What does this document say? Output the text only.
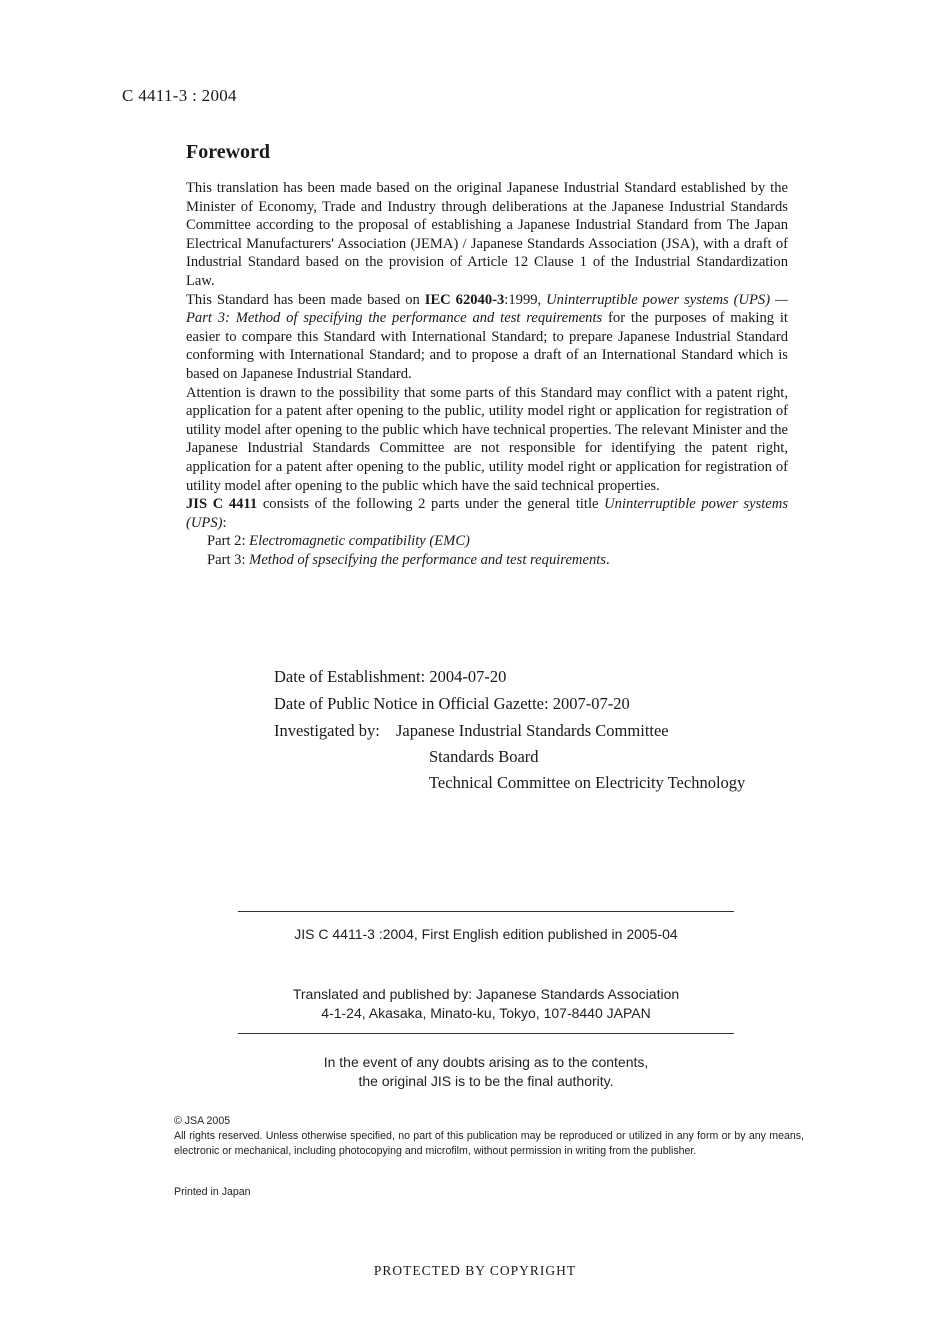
C 4411-3 : 2004
Foreword

This translation has been made based on the original Japanese Industrial Standard established by the Minister of Economy, Trade and Industry through deliberations at the Japanese Industrial Standards Committee according to the proposal of establishing a Japanese Industrial Standard from The Japan Electrical Manufacturers' Association (JEMA) / Japanese Standards Association (JSA), with a draft of Industrial Standard based on the provision of Article 12 Clause 1 of the Industrial Standardization Law.

This Standard has been made based on IEC 62040-3:1999, Uninterruptible power systems (UPS) — Part 3: Method of specifying the performance and test requirements for the purposes of making it easier to compare this Standard with International Standard; to prepare Japanese Industrial Standard conforming with International Standard; and to propose a draft of an International Standard which is based on Japanese Industrial Standard.

Attention is drawn to the possibility that some parts of this Standard may conflict with a patent right, application for a patent after opening to the public, utility model right or application for registration of utility model after opening to the public which have technical properties. The relevant Minister and the Japanese Industrial Standards Committee are not responsible for identifying the patent right, application for a patent after opening to the public, utility model right or application for registration of utility model after opening to the public which have the said technical properties.

JIS C 4411 consists of the following 2 parts under the general title Uninterruptible power systems (UPS):

Part 2: Electromagnetic compatibility (EMC)

Part 3: Method of spsecifying the performance and test requirements.

Date of Establishment: 2004-07-20
Date of Public Notice in Official Gazette: 2007-07-20
Investigated by: Japanese Industrial Standards Committee
Standards Board
Technical Committee on Electricity Technology
JIS C 4411-3 :2004, First English edition published in 2005-04
Translated and published by: Japanese Standards Association
4-1-24, Akasaka, Minato-ku, Tokyo, 107-8440 JAPAN
In the event of any doubts arising as to the contents,
the original JIS is to be the final authority.
© JSA 2005
All rights reserved. Unless otherwise specified, no part of this publication may be reproduced or utilized in any form or by any means, electronic or mechanical, including photocopying and microfilm, without permission in writing from the publisher.
Printed in Japan
PROTECTED BY COPYRIGHT
